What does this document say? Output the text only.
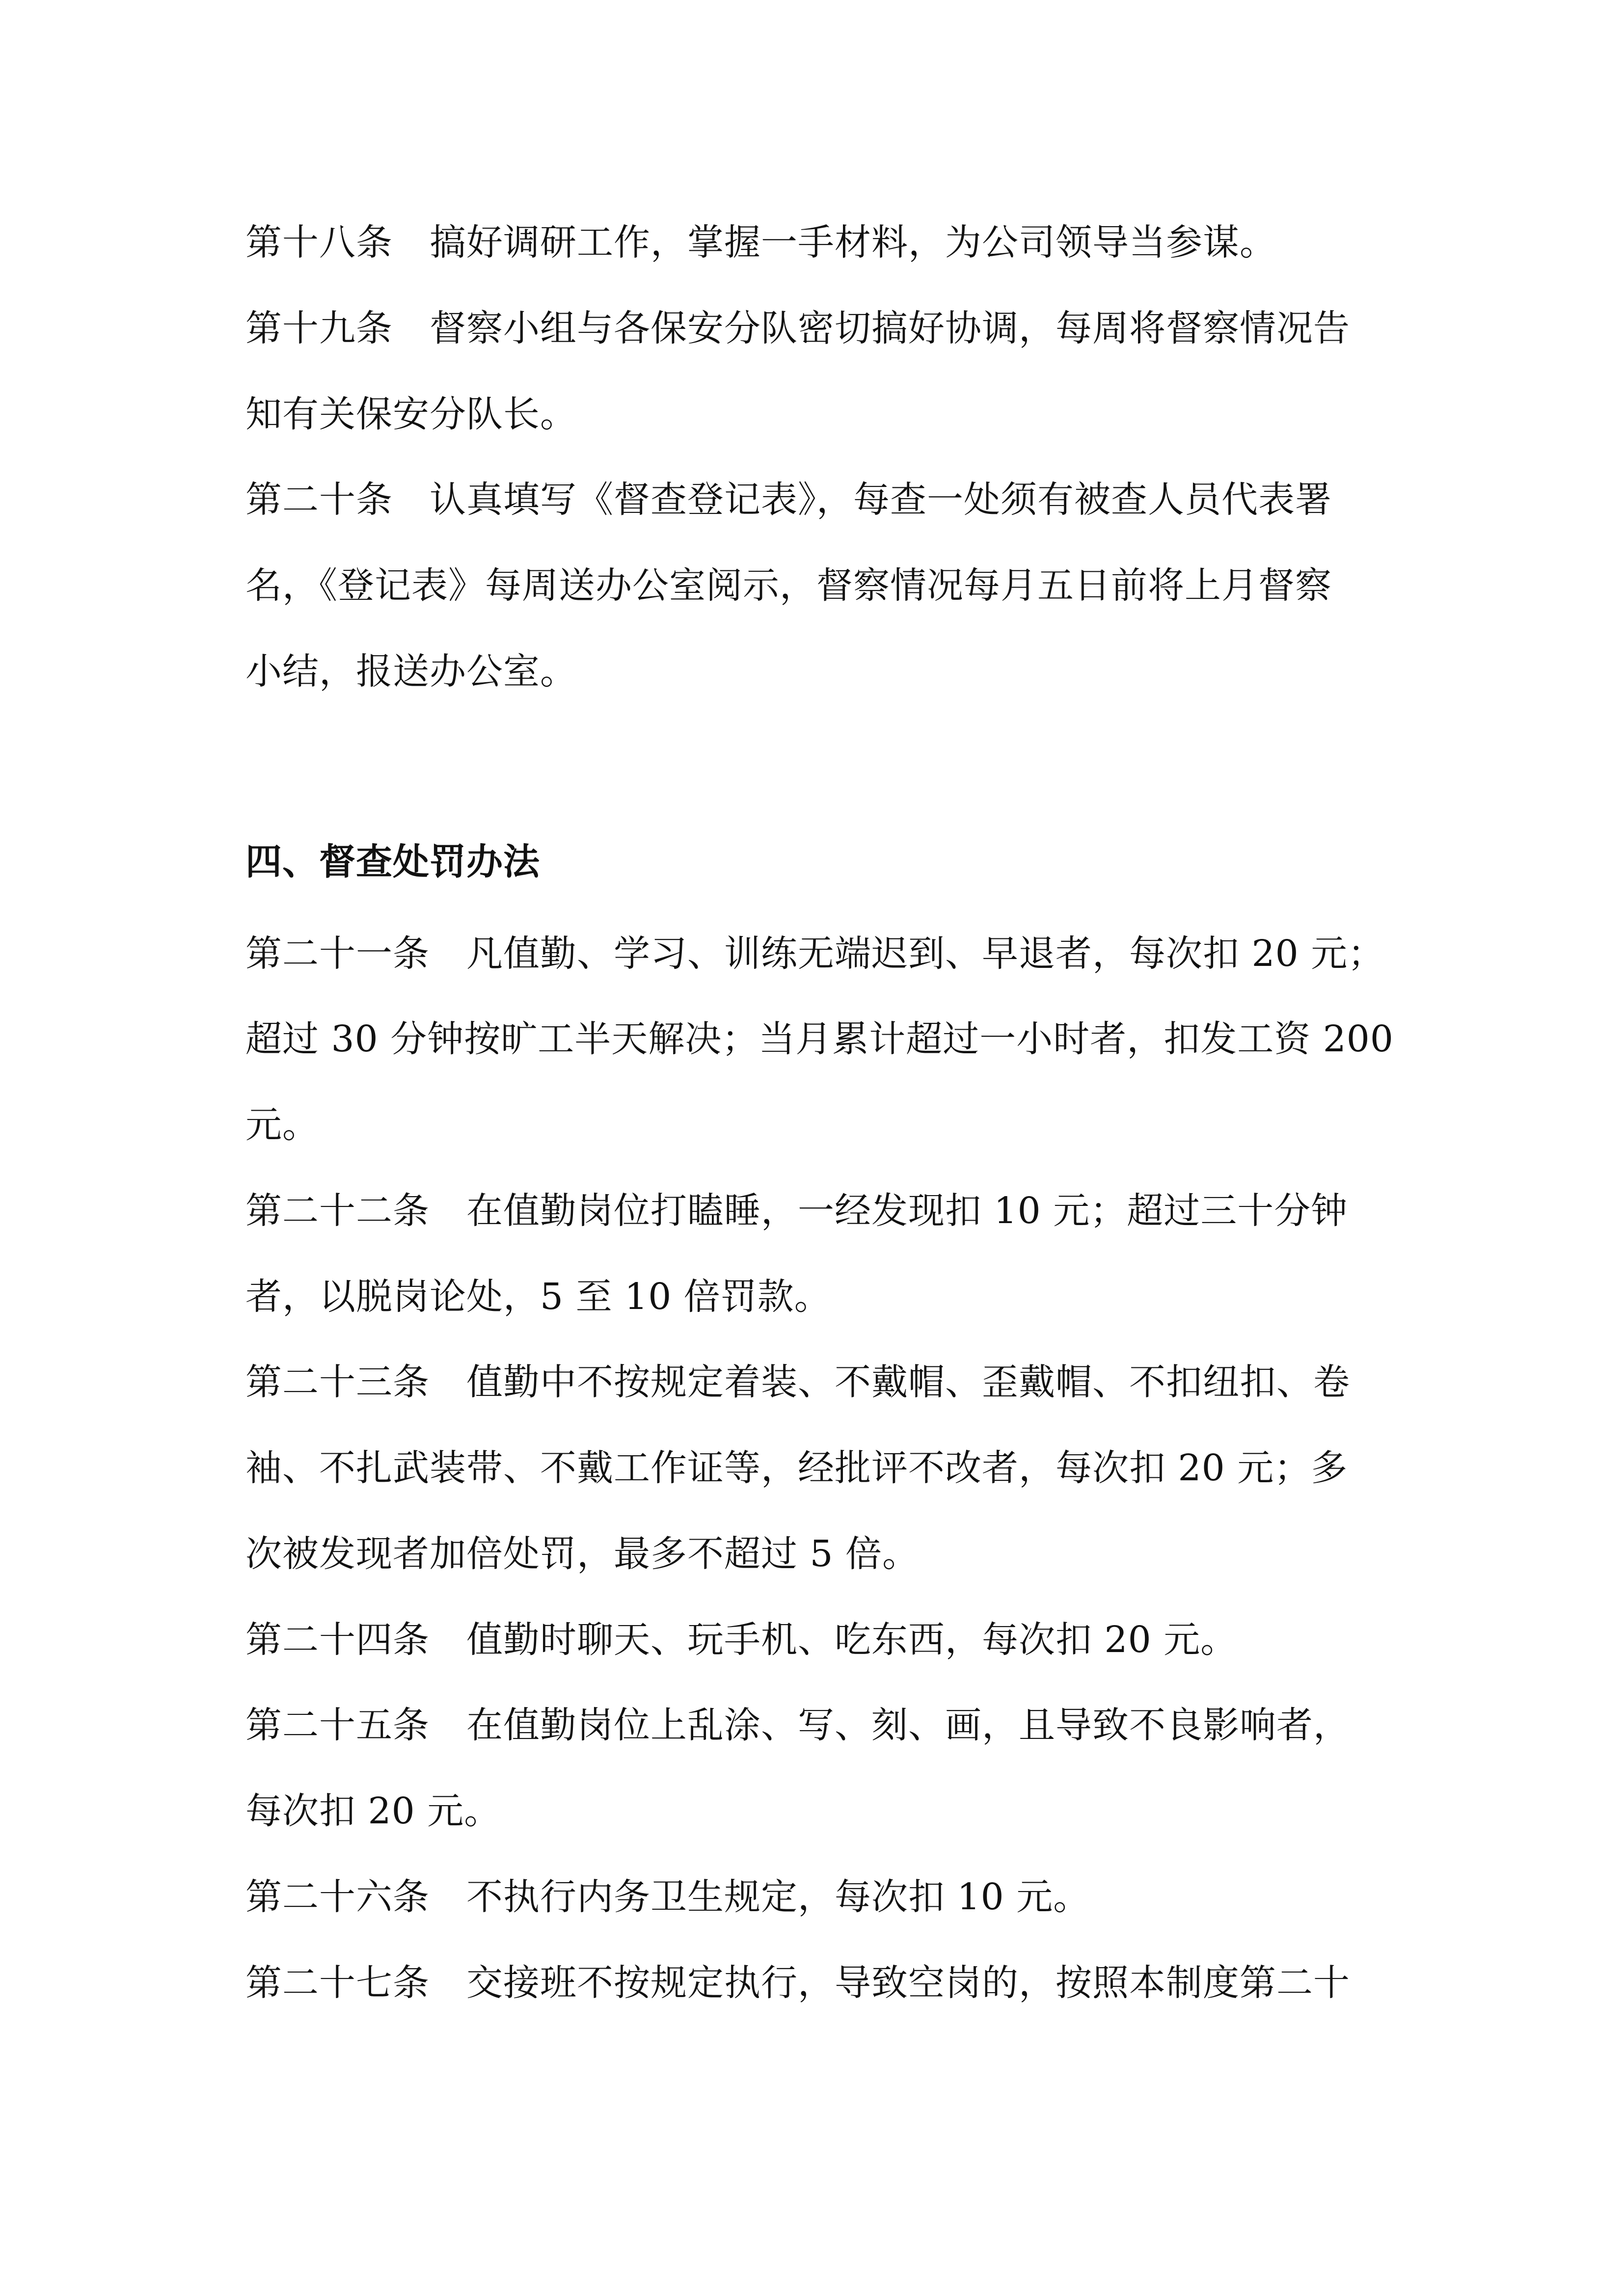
第十八条　搞好调研工作，掌握一手材料，为公司领导当参谋。
第十九条　督察小组与各保安分队密切搞好协调，每周将督察情况告
知有关保安分队长。
第二十条　认真填写《督查登记表》，每查一处须有被查人员代表署
名，《登记表》每周送办公室阅示，督察情况每月五日前将上月督察
小结，报送办公室。
四、督查处罚办法
第二十一条　凡值勤、学习、训练无端迟到、早退者，每次扣 20 元；
超过 30 分钟按旷工半天解决；当月累计超过一小时者，扣发工资 200
元。
第二十二条　在值勤岗位打瞌睡，一经发现扣 10 元；超过三十分钟
者，以脱岗论处，5 至 10 倍罚款。
第二十三条　值勤中不按规定着装、不戴帽、歪戴帽、不扣纽扣、卷
袖、不扎武装带、不戴工作证等，经批评不改者，每次扣 20 元；多
次被发现者加倍处罚，最多不超过 5 倍。
第二十四条　值勤时聊天、玩手机、吃东西，每次扣 20 元。
第二十五条　在值勤岗位上乱涂、写、刻、画，且导致不良影响者，
每次扣 20 元。
第二十六条　不执行内务卫生规定，每次扣 10 元。
第二十七条　交接班不按规定执行，导致空岗的，按照本制度第二十
